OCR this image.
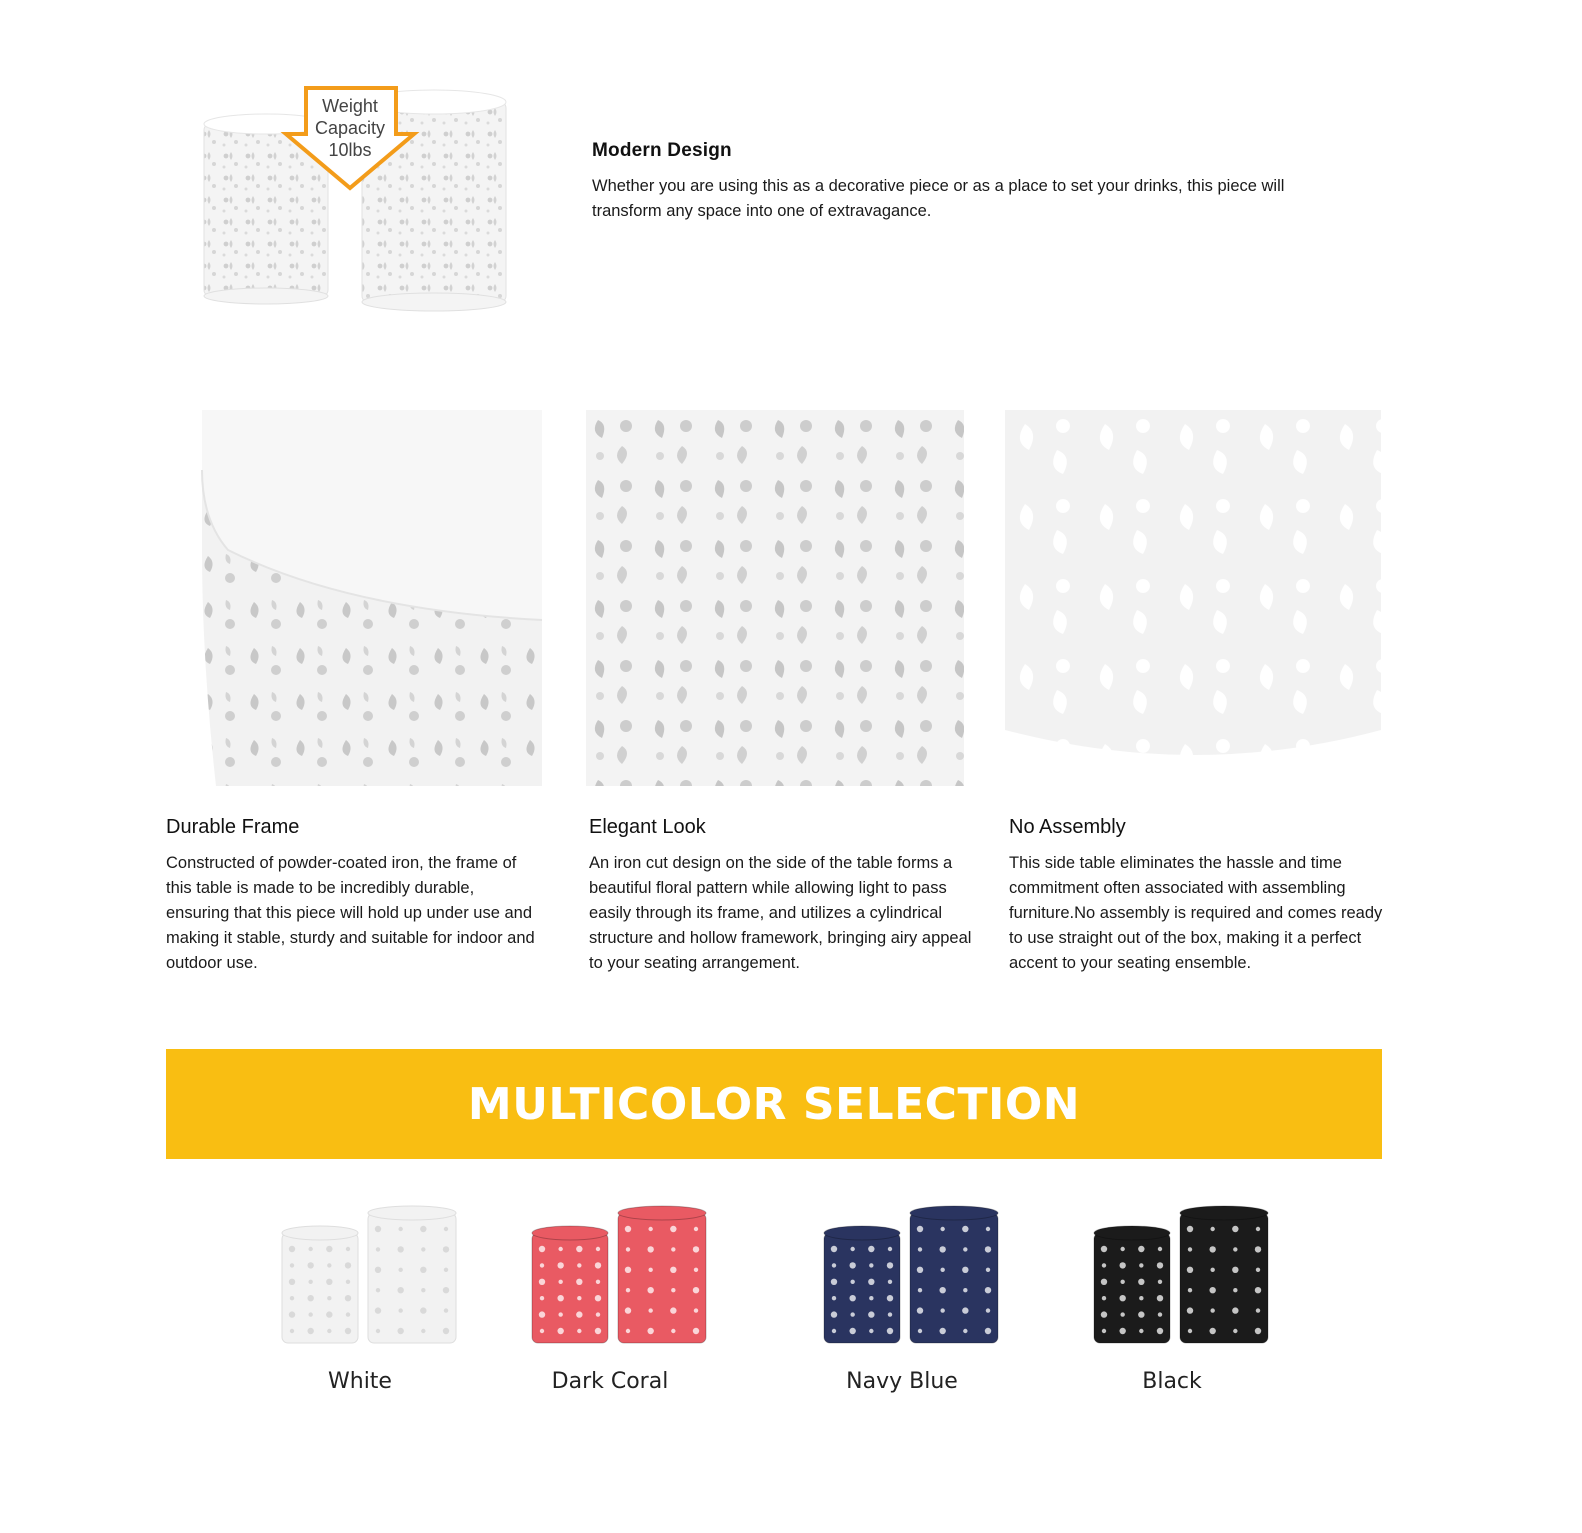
Weight
Capacity
10lbs	Modern Design

Whether you are using this as a decorative piece or as a place to set your drinks, this piece will transform any space into one of extravagance.

Durable Frame

Constructed of powder-coated iron, the frame of this table is made to be incredibly durable, ensuring that this piece will hold up under use and making it stable, sturdy and suitable for indoor and outdoor use.

Elegant Look

An iron cut design on the side of the table forms a beautiful floral pattern while allowing light to pass easily through its frame, and utilizes a cylindrical structure and hollow framework, bringing airy appeal to your seating arrangement.

No Assembly

This side table eliminates the hassle and time commitment often associated with assembling furniture.No assembly is required and comes ready to use straight out of the box, making it a perfect accent to your seating ensemble.

MULTICOLOR SELECTION
White	Dark Coral	Navy Blue	Black
